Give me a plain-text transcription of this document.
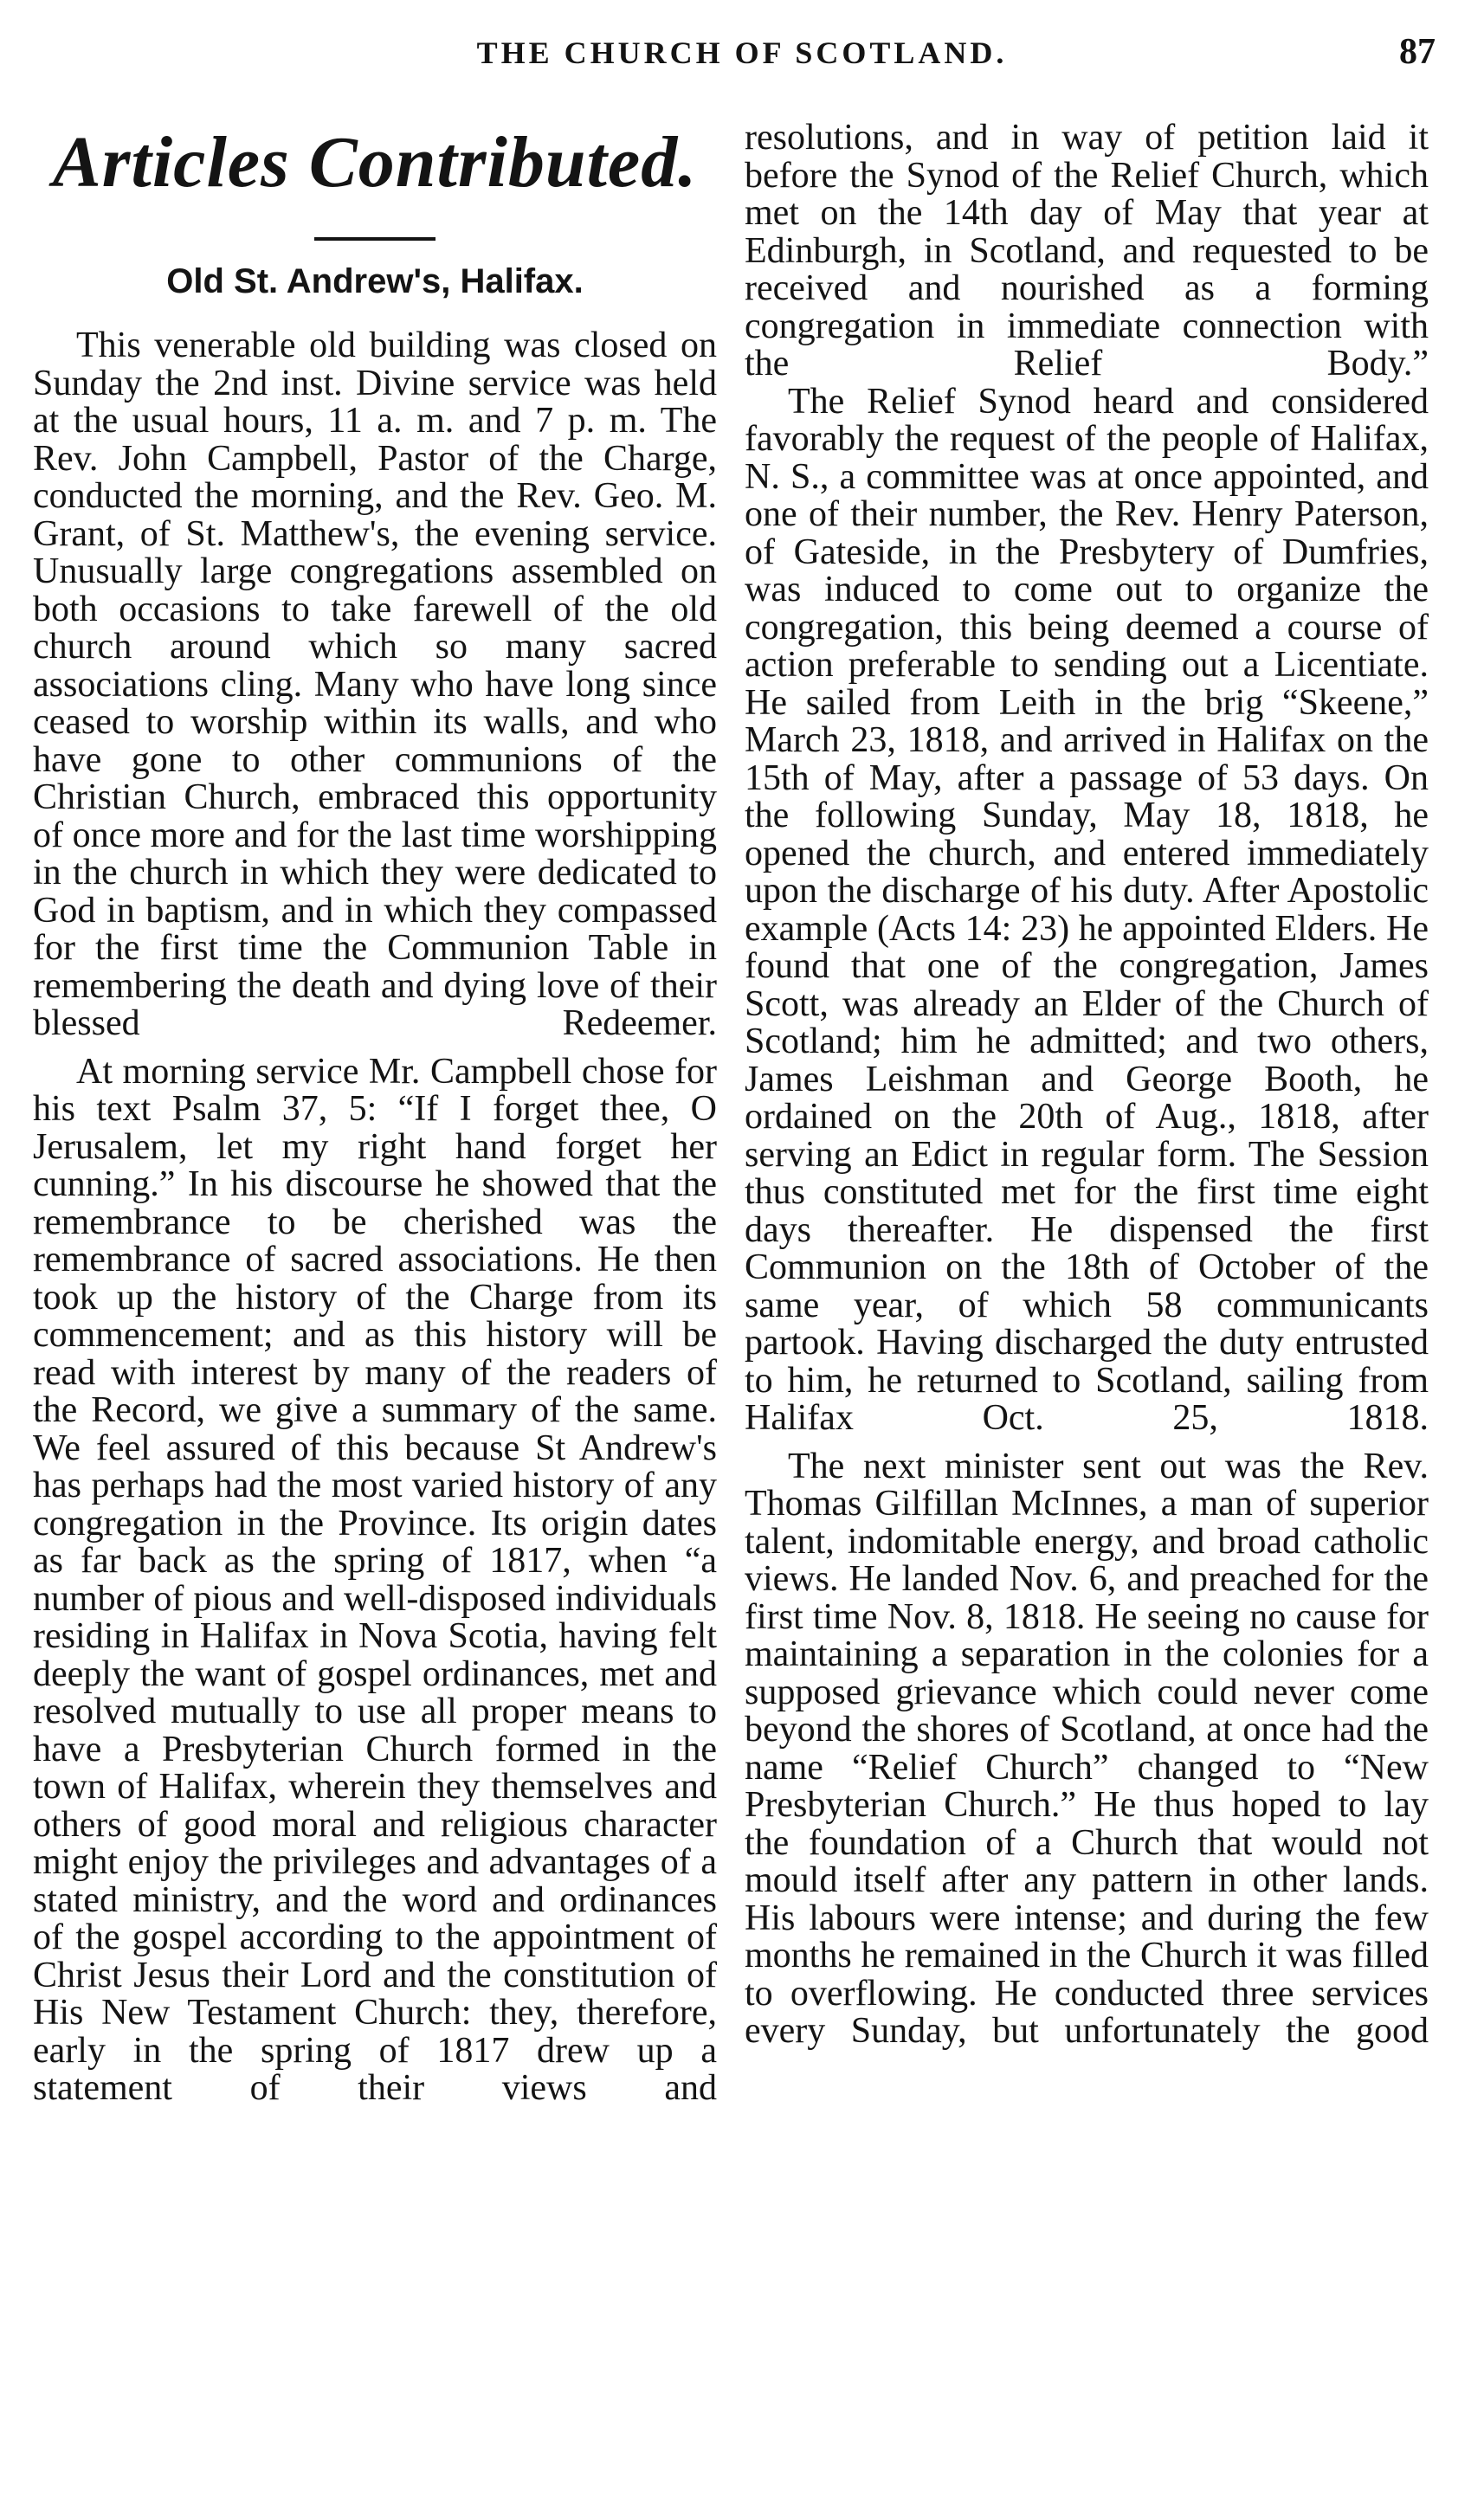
THE CHURCH OF SCOTLAND.	87
Articles Contributed.
Old St. Andrew's, Halifax.

This venerable old building was closed on Sunday the 2nd inst. Divine service was held at the usual hours, 11 a. m. and 7 p. m. The Rev. John Campbell, Pastor of the Charge, conducted the morning, and the Rev. Geo. M. Grant, of St. Matthew's, the evening service. Unusually large congregations assembled on both occasions to take farewell of the old church around which so many sacred associations cling. Many who have long since ceased to worship within its walls, and who have gone to other communions of the Christian Church, embraced this opportunity of once more and for the last time worshipping in the church in which they were dedicated to God in baptism, and in which they compassed for the first time the Communion Table in remembering the death and dying love of their blessed Redeemer.

At morning service Mr. Campbell chose for his text Psalm 37, 5: “If I forget thee, O Jerusalem, let my right hand forget her cunning.” In his discourse he showed that the remembrance to be cherished was the remembrance of sacred associations. He then took up the history of the Charge from its commencement; and as this history will be read with interest by many of the readers of the Record, we give a summary of the same. We feel assured of this because St Andrew's has perhaps had the most varied history of any congregation in the Province. Its origin dates as far back as the spring of 1817, when “a number of pious and well-disposed individuals residing in Halifax in Nova Scotia, having felt deeply the want of gospel ordinances, met and resolved mutually to use all proper means to have a Presbyterian Church formed in the town of Halifax, wherein they themselves and others of good moral and religious character might enjoy the privileges and advantages of a stated ministry, and the word and ordinances of the gospel according to the appointment of Christ Jesus their Lord and the constitution of His New Testament Church: they, therefore, early in the spring of 1817 drew up a statement of their views and

resolutions, and in way of petition laid it before the Synod of the Relief Church, which met on the 14th day of May that year at Edinburgh, in Scotland, and requested to be received and nourished as a forming congregation in immediate connection with the Relief Body.”

The Relief Synod heard and considered favorably the request of the people of Halifax, N. S., a committee was at once appointed, and one of their number, the Rev. Henry Paterson, of Gateside, in the Presbytery of Dumfries, was induced to come out to organize the congregation, this being deemed a course of action preferable to sending out a Licentiate. He sailed from Leith in the brig “Skeene,” March 23, 1818, and arrived in Halifax on the 15th of May, after a passage of 53 days. On the following Sunday, May 18, 1818, he opened the church, and entered immediately upon the discharge of his duty. After Apostolic example (Acts 14: 23) he appointed Elders. He found that one of the congregation, James Scott, was already an Elder of the Church of Scotland; him he admitted; and two others, James Leishman and George Booth, he ordained on the 20th of Aug., 1818, after serving an Edict in regular form. The Session thus constituted met for the first time eight days thereafter. He dispensed the first Communion on the 18th of October of the same year, of which 58 communicants partook. Having discharged the duty entrusted to him, he returned to Scotland, sailing from Halifax Oct. 25, 1818.

The next minister sent out was the Rev. Thomas Gilfillan McInnes, a man of superior talent, indomitable energy, and broad catholic views. He landed Nov. 6, and preached for the first time Nov. 8, 1818. He seeing no cause for maintaining a separation in the colonies for a supposed grievance which could never come beyond the shores of Scotland, at once had the name “Relief Church” changed to “New Presbyterian Church.” He thus hoped to lay the foundation of a Church that would not mould itself after any pattern in other lands. His labours were intense; and during the few months he remained in the Church it was filled to overflowing. He conducted three services every Sunday, but unfortunately the good
